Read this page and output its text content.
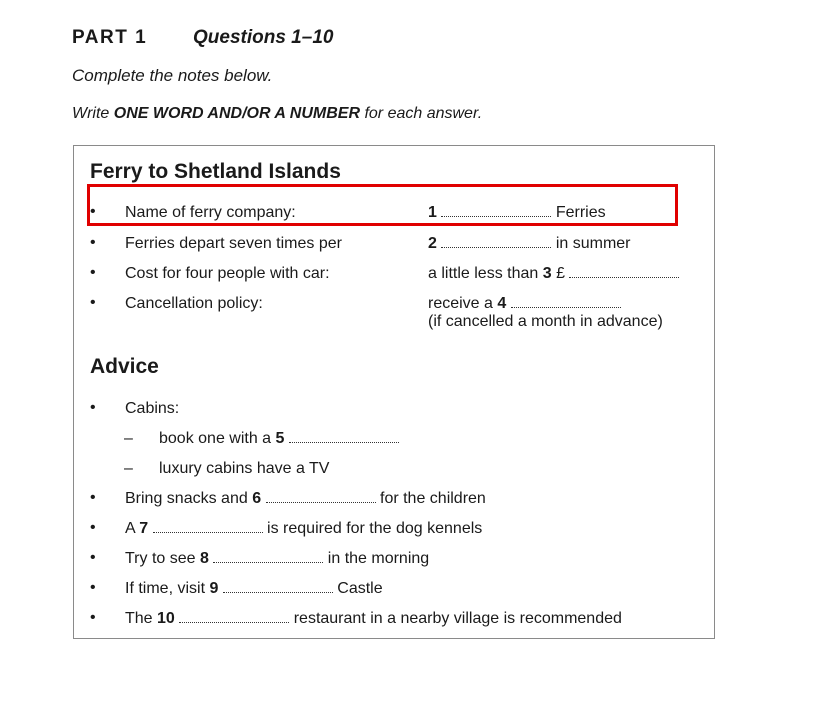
PART 1 Questions 1–10
Complete the notes below.
Write ONE WORD AND/OR A NUMBER for each answer.
Ferry to Shetland Islands
• Name of ferry company:	1	Ferries
• Ferries depart seven times per	2	in summer
• Cost for four people with car:	a little less than 3 £
• Cancellation policy:	receive a 4
(if cancelled a month in advance)
Advice
• Cabins:
– book one with a 5
– luxury cabins have a TV
• Bring snacks and 6	for the children
• A 7	is required for the dog kennels
• Try to see 8	in the morning
• If time, visit 9	Castle
• The 10	restaurant in a nearby village is recommended
